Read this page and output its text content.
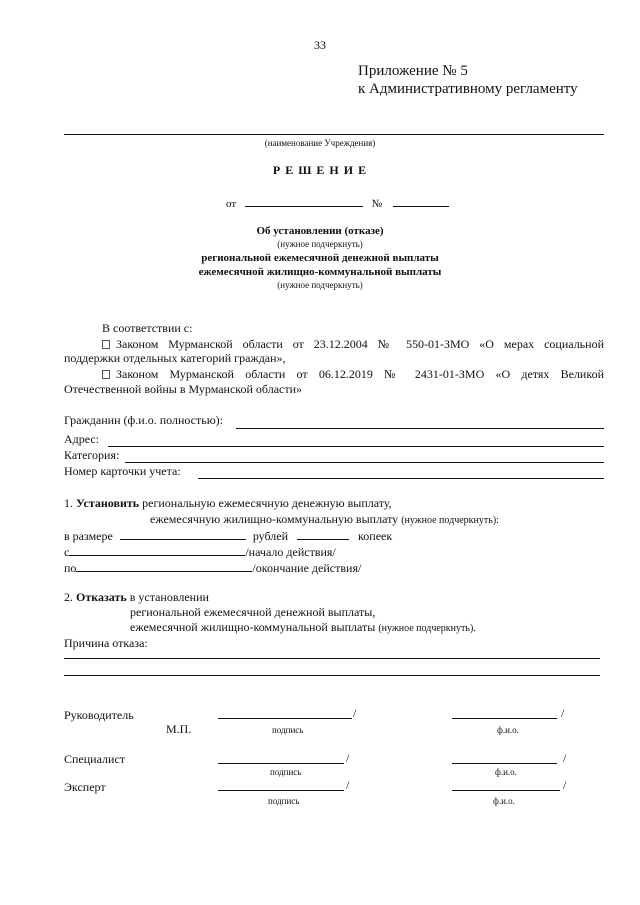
33
Приложение № 5
к Административному регламенту
(наименование Учреждения)
Р Е Ш Е Н И Е
от	№
Об установлении (отказе)
(нужное подчеркнуть)
региональной ежемесячной денежной выплаты
ежемесячной жилищно-коммунальной выплаты
(нужное подчеркнуть)
В соответствии с:
Законом Мурманской области от 23.12.2004 № 550-01-ЗМО «О мерах социальной
поддержки отдельных категорий граждан»,
Законом Мурманской области от 06.12.2019 № 2431-01-ЗМО «О детях Великой
Отечественной войны в Мурманской области»
Гражданин (ф.и.о. полностью):
Адрес:
Категория:
Номер карточки учета:
1. Установить региональную ежемесячную денежную выплату,
ежемесячную жилищно-коммунальную выплату (нужное подчеркнуть):
в размере	рублей	копеек
с	/начало действия/
по	/окончание действия/
2. Отказать в установлении
региональной ежемесячной денежной выплаты,
ежемесячной жилищно-коммунальной выплаты (нужное подчеркнуть).
Причина отказа:
Руководитель	/	/
М.П.	подпись	ф.и.о.
Специалист	/	/
подпись	ф.и.о.
Эксперт	/	/
подпись	ф.и.о.
